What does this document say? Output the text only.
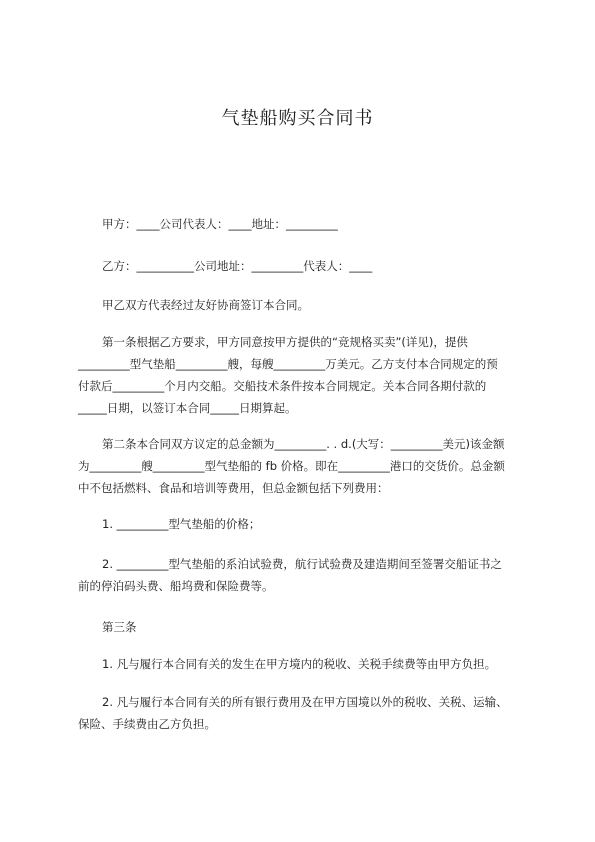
气垫船购买合同书
甲方：____公司代表人：____地址：_________
乙方：__________公司地址：_________代表人：____
甲乙双方代表经过友好协商签订本合同。
第一条根据乙方要求，甲方同意按甲方提供的“竞规格买卖”(详见)，提供
_________型气垫船_________艘，每艘_________万美元。乙方支付本合同规定的预
付款后_________个月内交船。交船技术条件按本合同规定。关本合同各期付款的
_____日期，以签订本合同_____日期算起。
第二条本合同双方议定的总金额为_________. . d.(大写：_________美元)该金额
为_________艘_________型气垫船的 fb 价格。即在_________港口的交货价。总金额
中不包括燃料、食品和培训等费用，但总金额包括下列费用：
1. _________型气垫船的价格；
2. _________型气垫船的系泊试验费，航行试验费及建造期间至签署交船证书之
前的停泊码头费、船坞费和保险费等。
第三条
1. 凡与履行本合同有关的发生在甲方境内的税收、关税手续费等由甲方负担。
2. 凡与履行本合同有关的所有银行费用及在甲方国境以外的税收、关税、运输、
保险、手续费由乙方负担。
